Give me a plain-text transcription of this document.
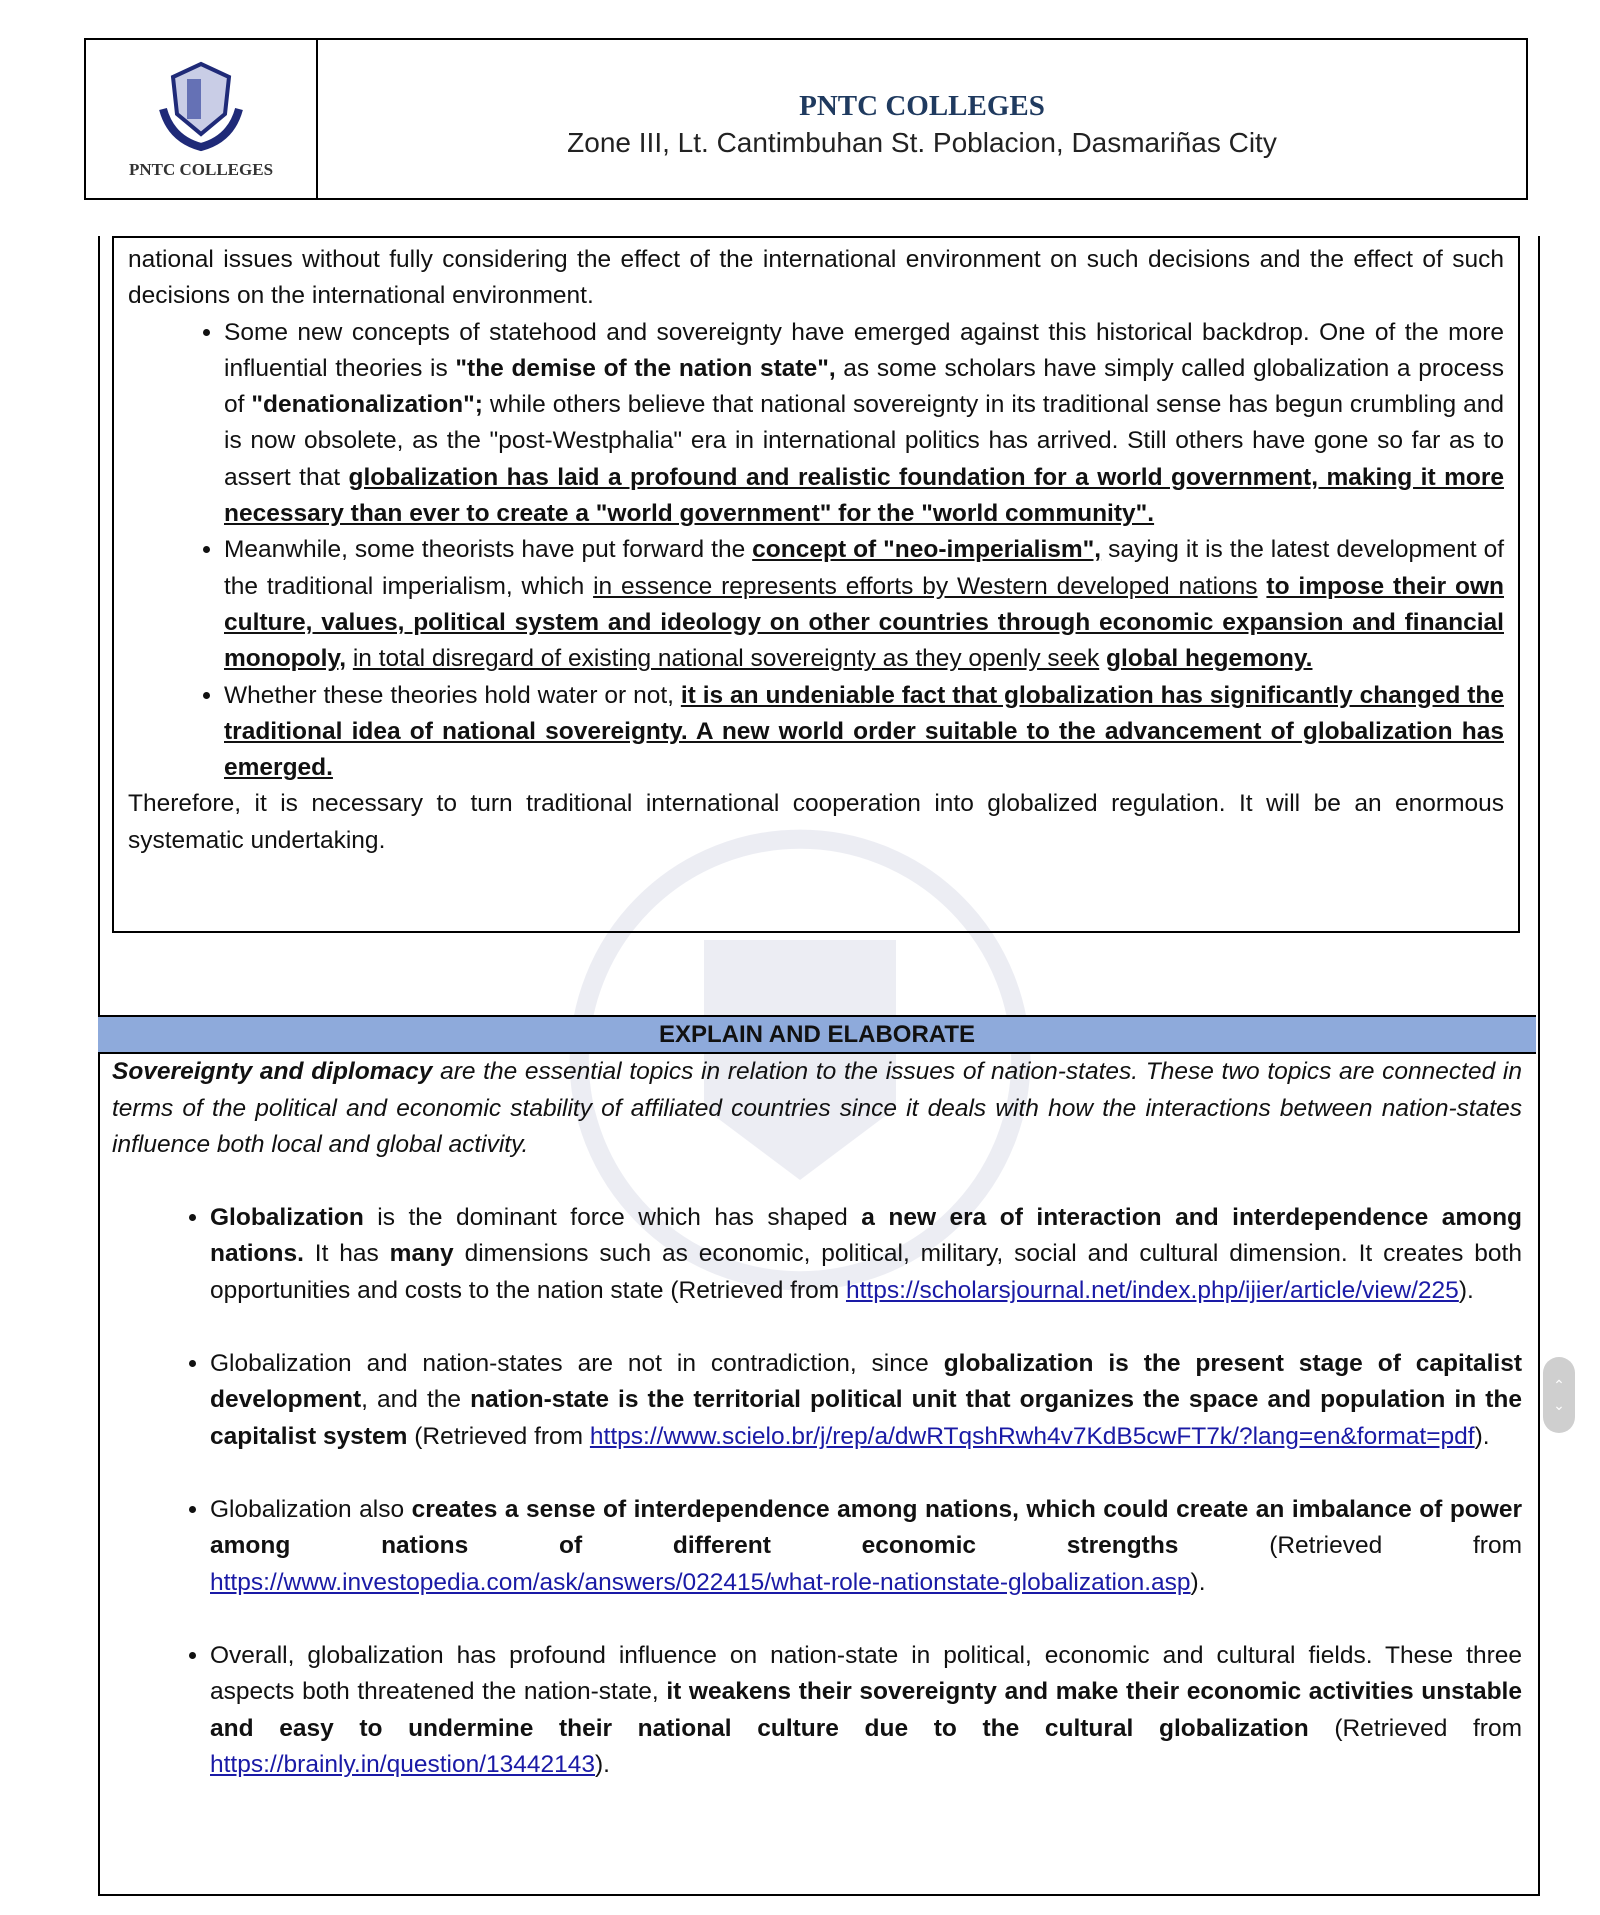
PNTC COLLEGES
PNTC COLLEGES
Zone III, Lt. Cantimbuhan St. Poblacion, Dasmariñas City
national issues without fully considering the effect of the international environment on such decisions and the effect of such decisions on the international environment.
• Some new concepts of statehood and sovereignty have emerged against this historical backdrop. One of the more influential theories is "the demise of the nation state", as some scholars have simply called globalization a process of "denationalization"; while others believe that national sovereignty in its traditional sense has begun crumbling and is now obsolete, as the "post-Westphalia" era in international politics has arrived. Still others have gone so far as to assert that globalization has laid a profound and realistic foundation for a world government, making it more necessary than ever to create a "world government" for the "world community".
• Meanwhile, some theorists have put forward the concept of "neo-imperialism", saying it is the latest development of the traditional imperialism, which in essence represents efforts by Western developed nations to impose their own culture, values, political system and ideology on other countries through economic expansion and financial monopoly, in total disregard of existing national sovereignty as they openly seek global hegemony.
• Whether these theories hold water or not, it is an undeniable fact that globalization has significantly changed the traditional idea of national sovereignty. A new world order suitable to the advancement of globalization has emerged.
Therefore, it is necessary to turn traditional international cooperation into globalized regulation. It will be an enormous systematic undertaking.
EXPLAIN AND ELABORATE

Sovereignty and diplomacy are the essential topics in relation to the issues of nation-states. These two topics are connected in terms of the political and economic stability of affiliated countries since it deals with how the interactions between nation-states influence both local and global activity.

• Globalization is the dominant force which has shaped a new era of interaction and interdependence among nations. It has many dimensions such as economic, political, military, social and cultural dimension. It creates both opportunities and costs to the nation state (Retrieved from https://scholarsjournal.net/index.php/ijier/article/view/225).
• Globalization and nation-states are not in contradiction, since globalization is the present stage of capitalist development, and the nation-state is the territorial political unit that organizes the space and population in the capitalist system (Retrieved from https://www.scielo.br/j/rep/a/dwRTqshRwh4v7KdB5cwFT7k/?lang=en&format=pdf).
• Globalization also creates a sense of interdependence among nations, which could create an imbalance of power among nations of different economic strengths (Retrieved from https://www.investopedia.com/ask/answers/022415/what-role-nationstate-globalization.asp).
• Overall, globalization has profound influence on nation-state in political, economic and cultural fields. These three aspects both threatened the nation-state, it weakens their sovereignty and make their economic activities unstable and easy to undermine their national culture due to the cultural globalization (Retrieved from https://brainly.in/question/13442143).
⌃
⌄
